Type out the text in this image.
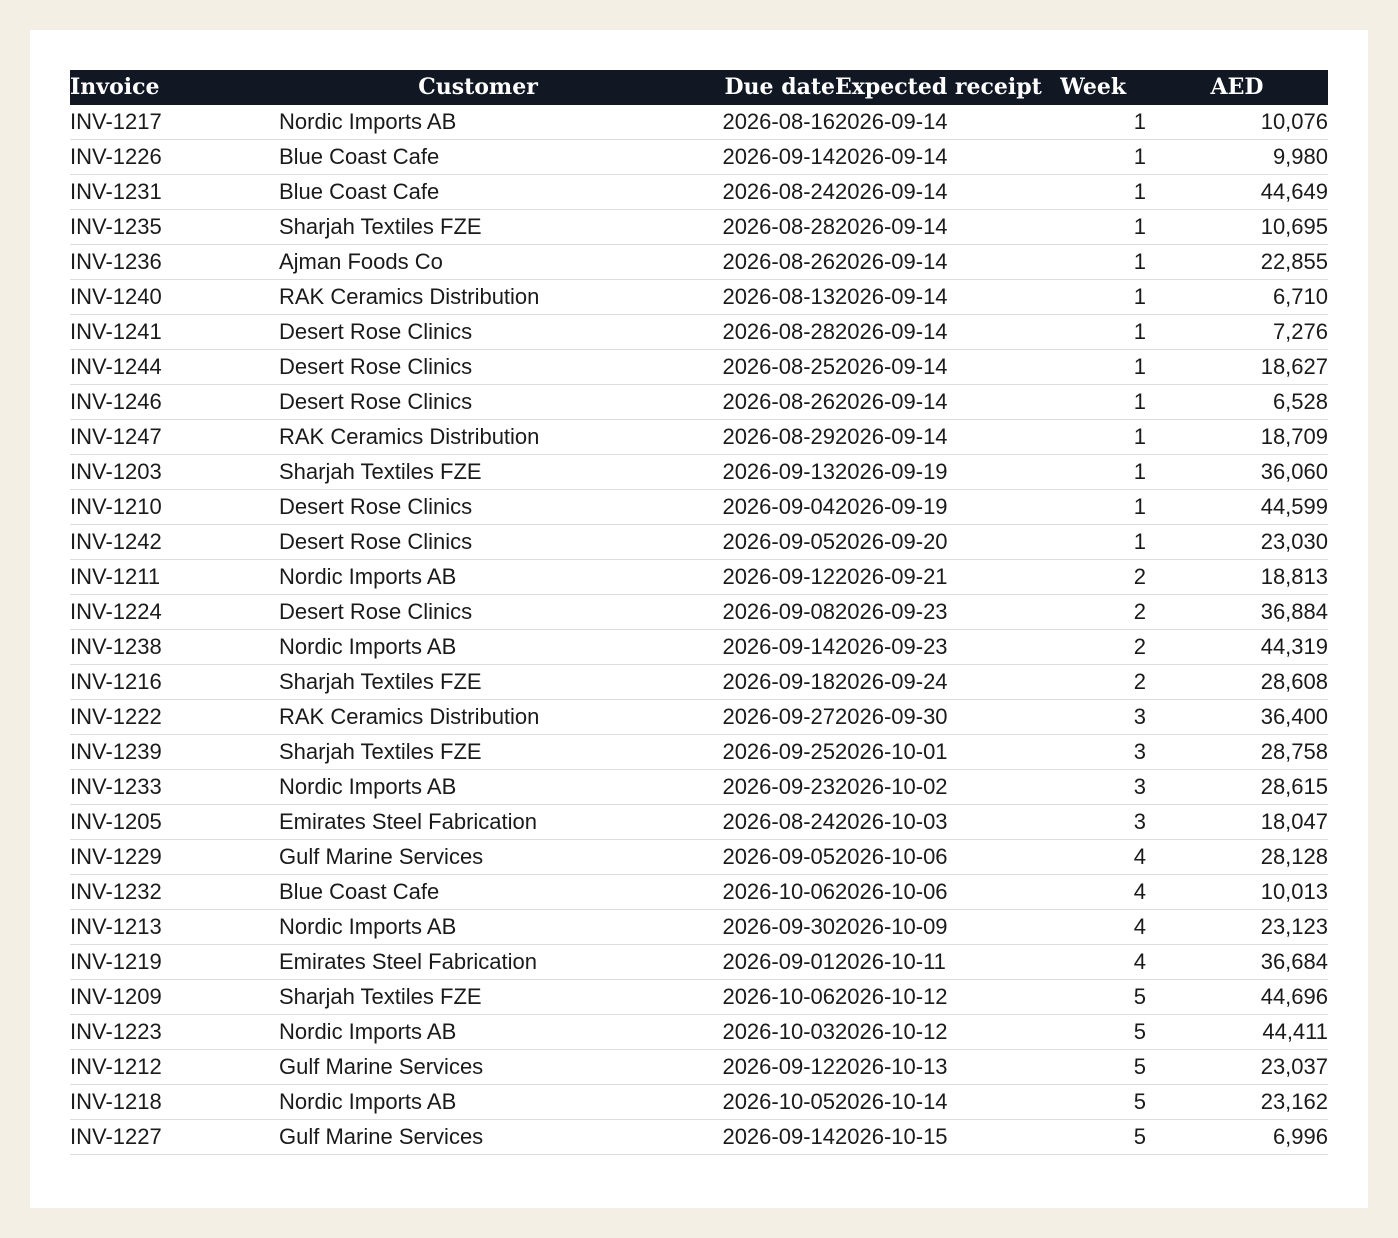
Invoice	Customer	Due date	Expected receipt	Week	AED
INV-1217	Nordic Imports AB	2026-08-16	2026-09-14	1	10,076
INV-1226	Blue Coast Cafe	2026-09-14	2026-09-14	1	9,980
INV-1231	Blue Coast Cafe	2026-08-24	2026-09-14	1	44,649
INV-1235	Sharjah Textiles FZE	2026-08-28	2026-09-14	1	10,695
INV-1236	Ajman Foods Co	2026-08-26	2026-09-14	1	22,855
INV-1240	RAK Ceramics Distribution	2026-08-13	2026-09-14	1	6,710
INV-1241	Desert Rose Clinics	2026-08-28	2026-09-14	1	7,276
INV-1244	Desert Rose Clinics	2026-08-25	2026-09-14	1	18,627
INV-1246	Desert Rose Clinics	2026-08-26	2026-09-14	1	6,528
INV-1247	RAK Ceramics Distribution	2026-08-29	2026-09-14	1	18,709
INV-1203	Sharjah Textiles FZE	2026-09-13	2026-09-19	1	36,060
INV-1210	Desert Rose Clinics	2026-09-04	2026-09-19	1	44,599
INV-1242	Desert Rose Clinics	2026-09-05	2026-09-20	1	23,030
INV-1211	Nordic Imports AB	2026-09-12	2026-09-21	2	18,813
INV-1224	Desert Rose Clinics	2026-09-08	2026-09-23	2	36,884
INV-1238	Nordic Imports AB	2026-09-14	2026-09-23	2	44,319
INV-1216	Sharjah Textiles FZE	2026-09-18	2026-09-24	2	28,608
INV-1222	RAK Ceramics Distribution	2026-09-27	2026-09-30	3	36,400
INV-1239	Sharjah Textiles FZE	2026-09-25	2026-10-01	3	28,758
INV-1233	Nordic Imports AB	2026-09-23	2026-10-02	3	28,615
INV-1205	Emirates Steel Fabrication	2026-08-24	2026-10-03	3	18,047
INV-1229	Gulf Marine Services	2026-09-05	2026-10-06	4	28,128
INV-1232	Blue Coast Cafe	2026-10-06	2026-10-06	4	10,013
INV-1213	Nordic Imports AB	2026-09-30	2026-10-09	4	23,123
INV-1219	Emirates Steel Fabrication	2026-09-01	2026-10-11	4	36,684
INV-1209	Sharjah Textiles FZE	2026-10-06	2026-10-12	5	44,696
INV-1223	Nordic Imports AB	2026-10-03	2026-10-12	5	44,411
INV-1212	Gulf Marine Services	2026-09-12	2026-10-13	5	23,037
INV-1218	Nordic Imports AB	2026-10-05	2026-10-14	5	23,162
INV-1227	Gulf Marine Services	2026-09-14	2026-10-15	5	6,996
